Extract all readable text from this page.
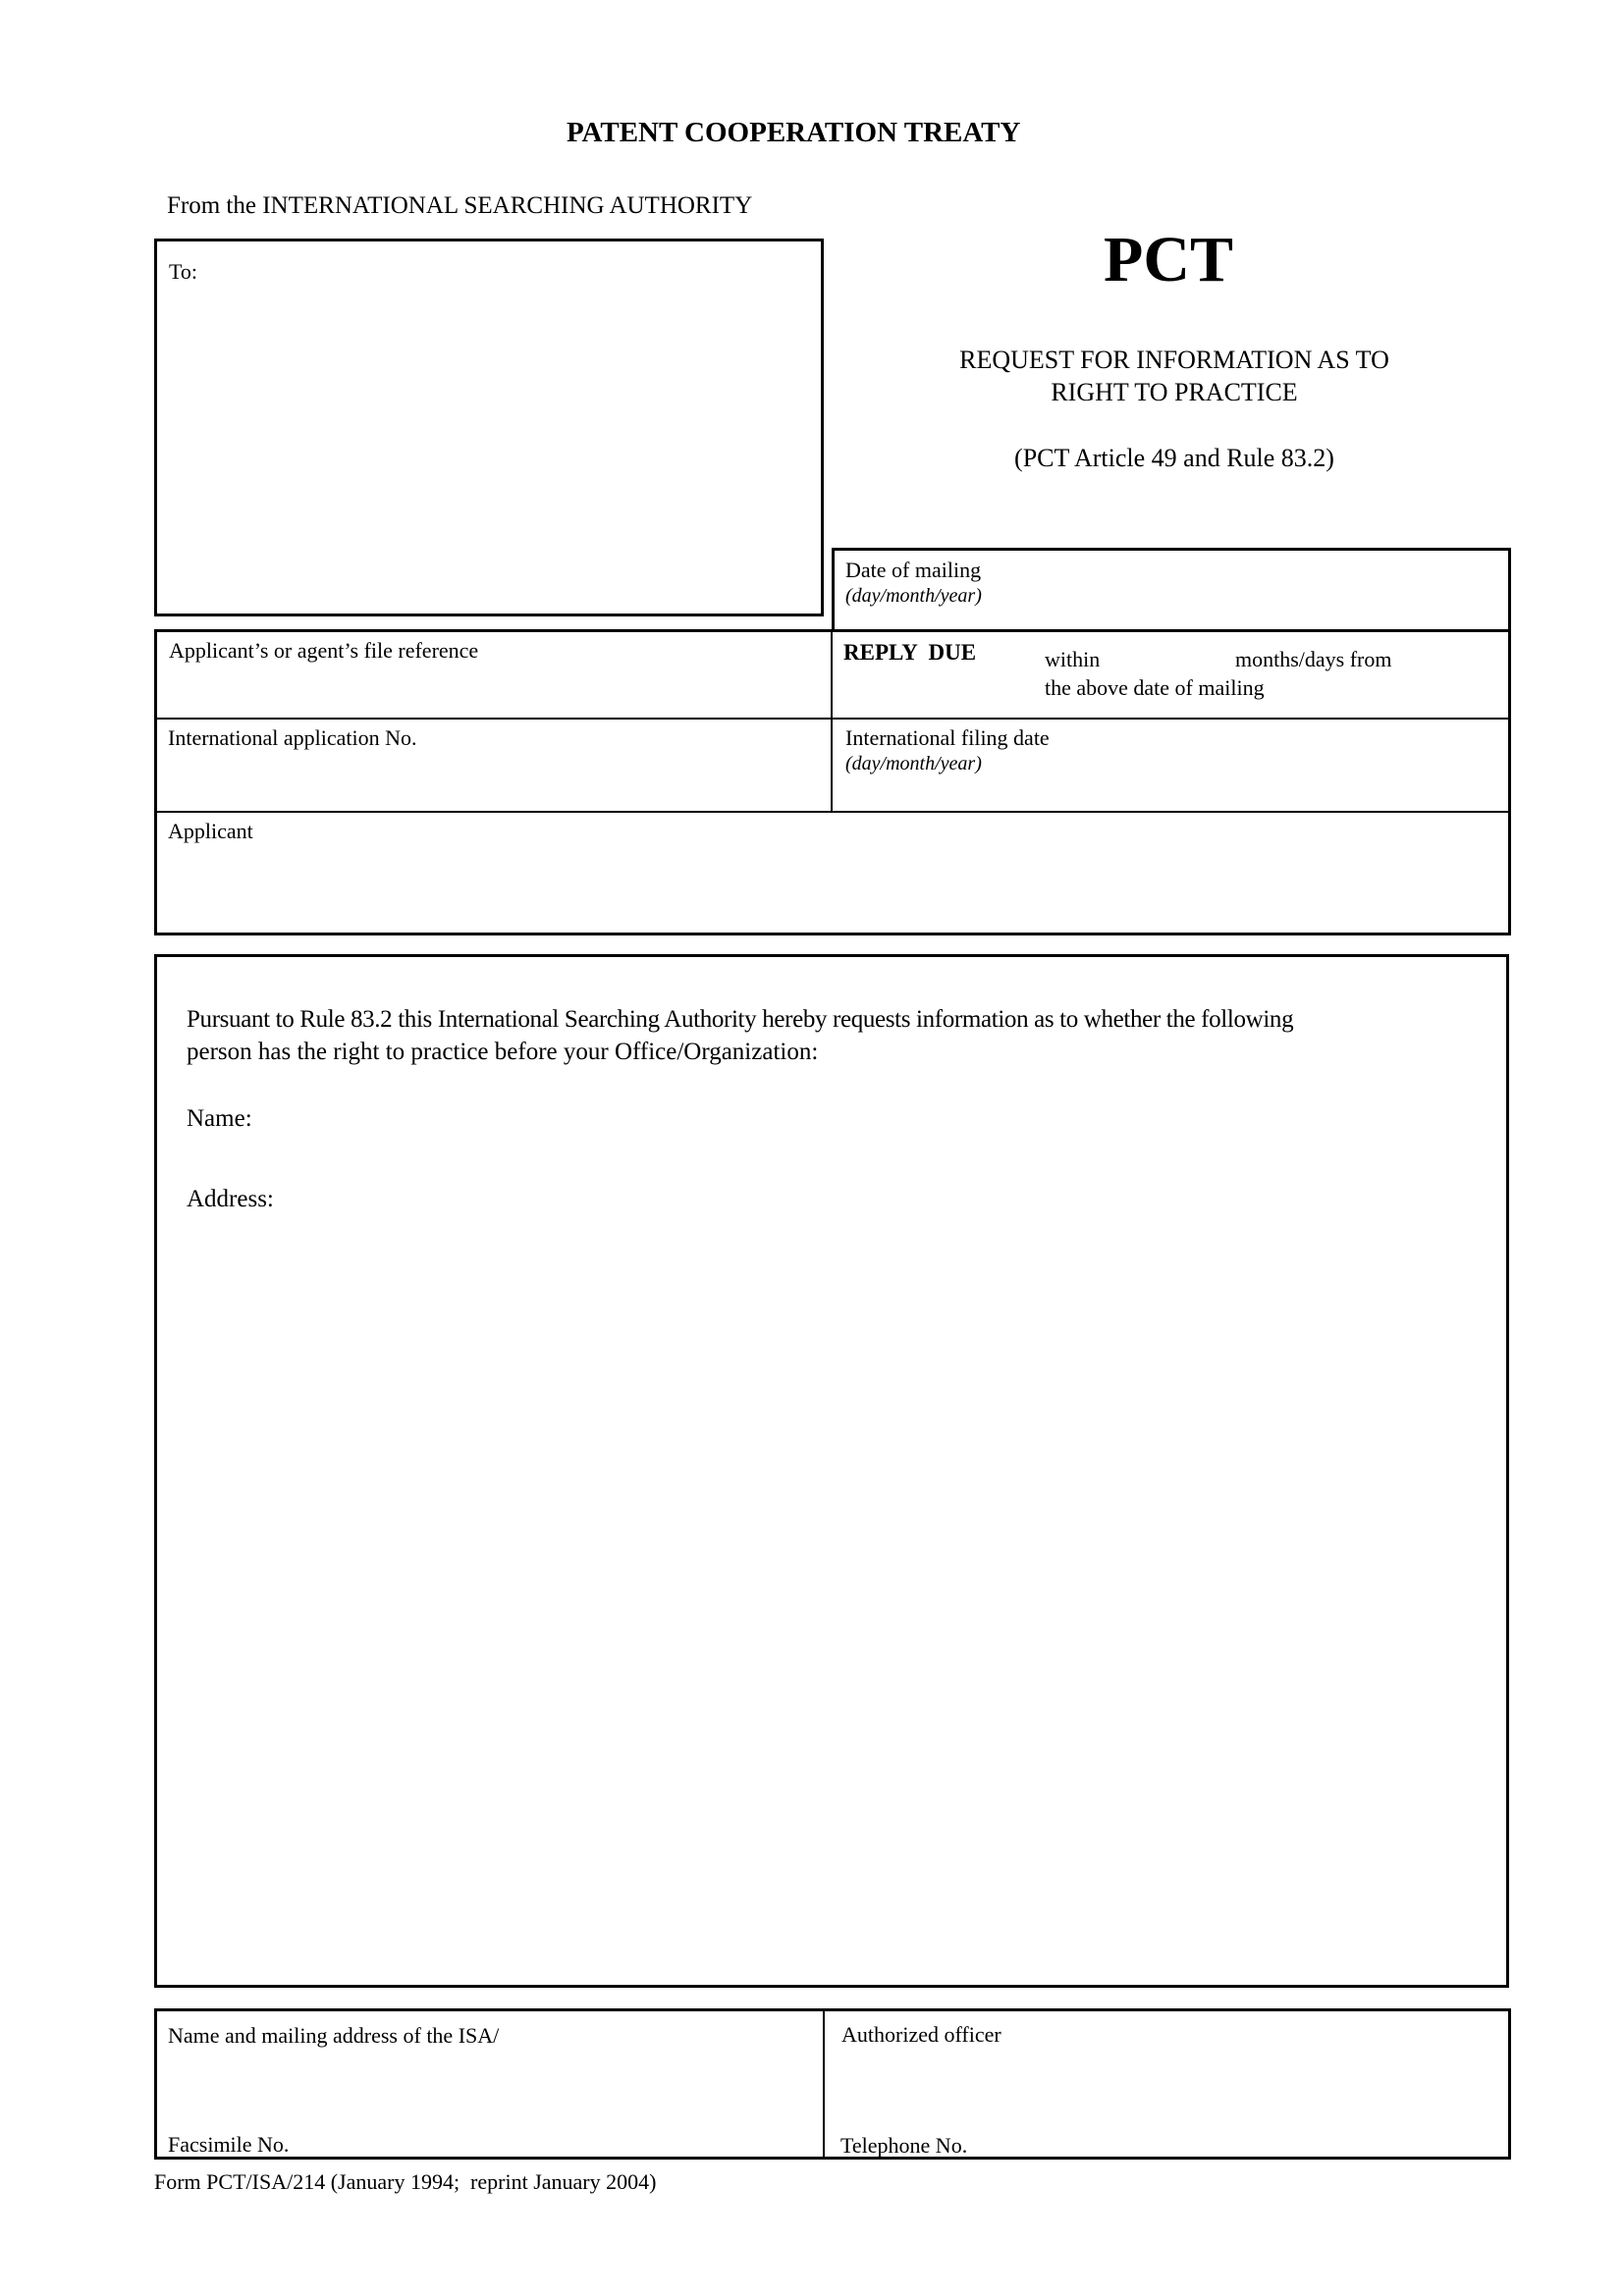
PATENT COOPERATION TREATY
From the INTERNATIONAL SEARCHING AUTHORITY
To:	PCT
REQUEST FOR INFORMATION AS TO
RIGHT TO PRACTICE
(PCT Article 49 and Rule 83.2)
Date of mailing
(day/month/year)
Applicant’s or agent’s file reference	REPLY  DUE	within	months/days from
the above date of mailing
International application No.	International filing date
(day/month/year)
Applicant
Pursuant to Rule 83.2 this International Searching Authority hereby requests information as to whether the following
person has the right to practice before your Office/Organization:
Name:
Address:
Name and mailing address of the ISA/
Facsimile No.
Authorized officer
Telephone No.
Form PCT/ISA/214 (January 1994;  reprint January 2004)
